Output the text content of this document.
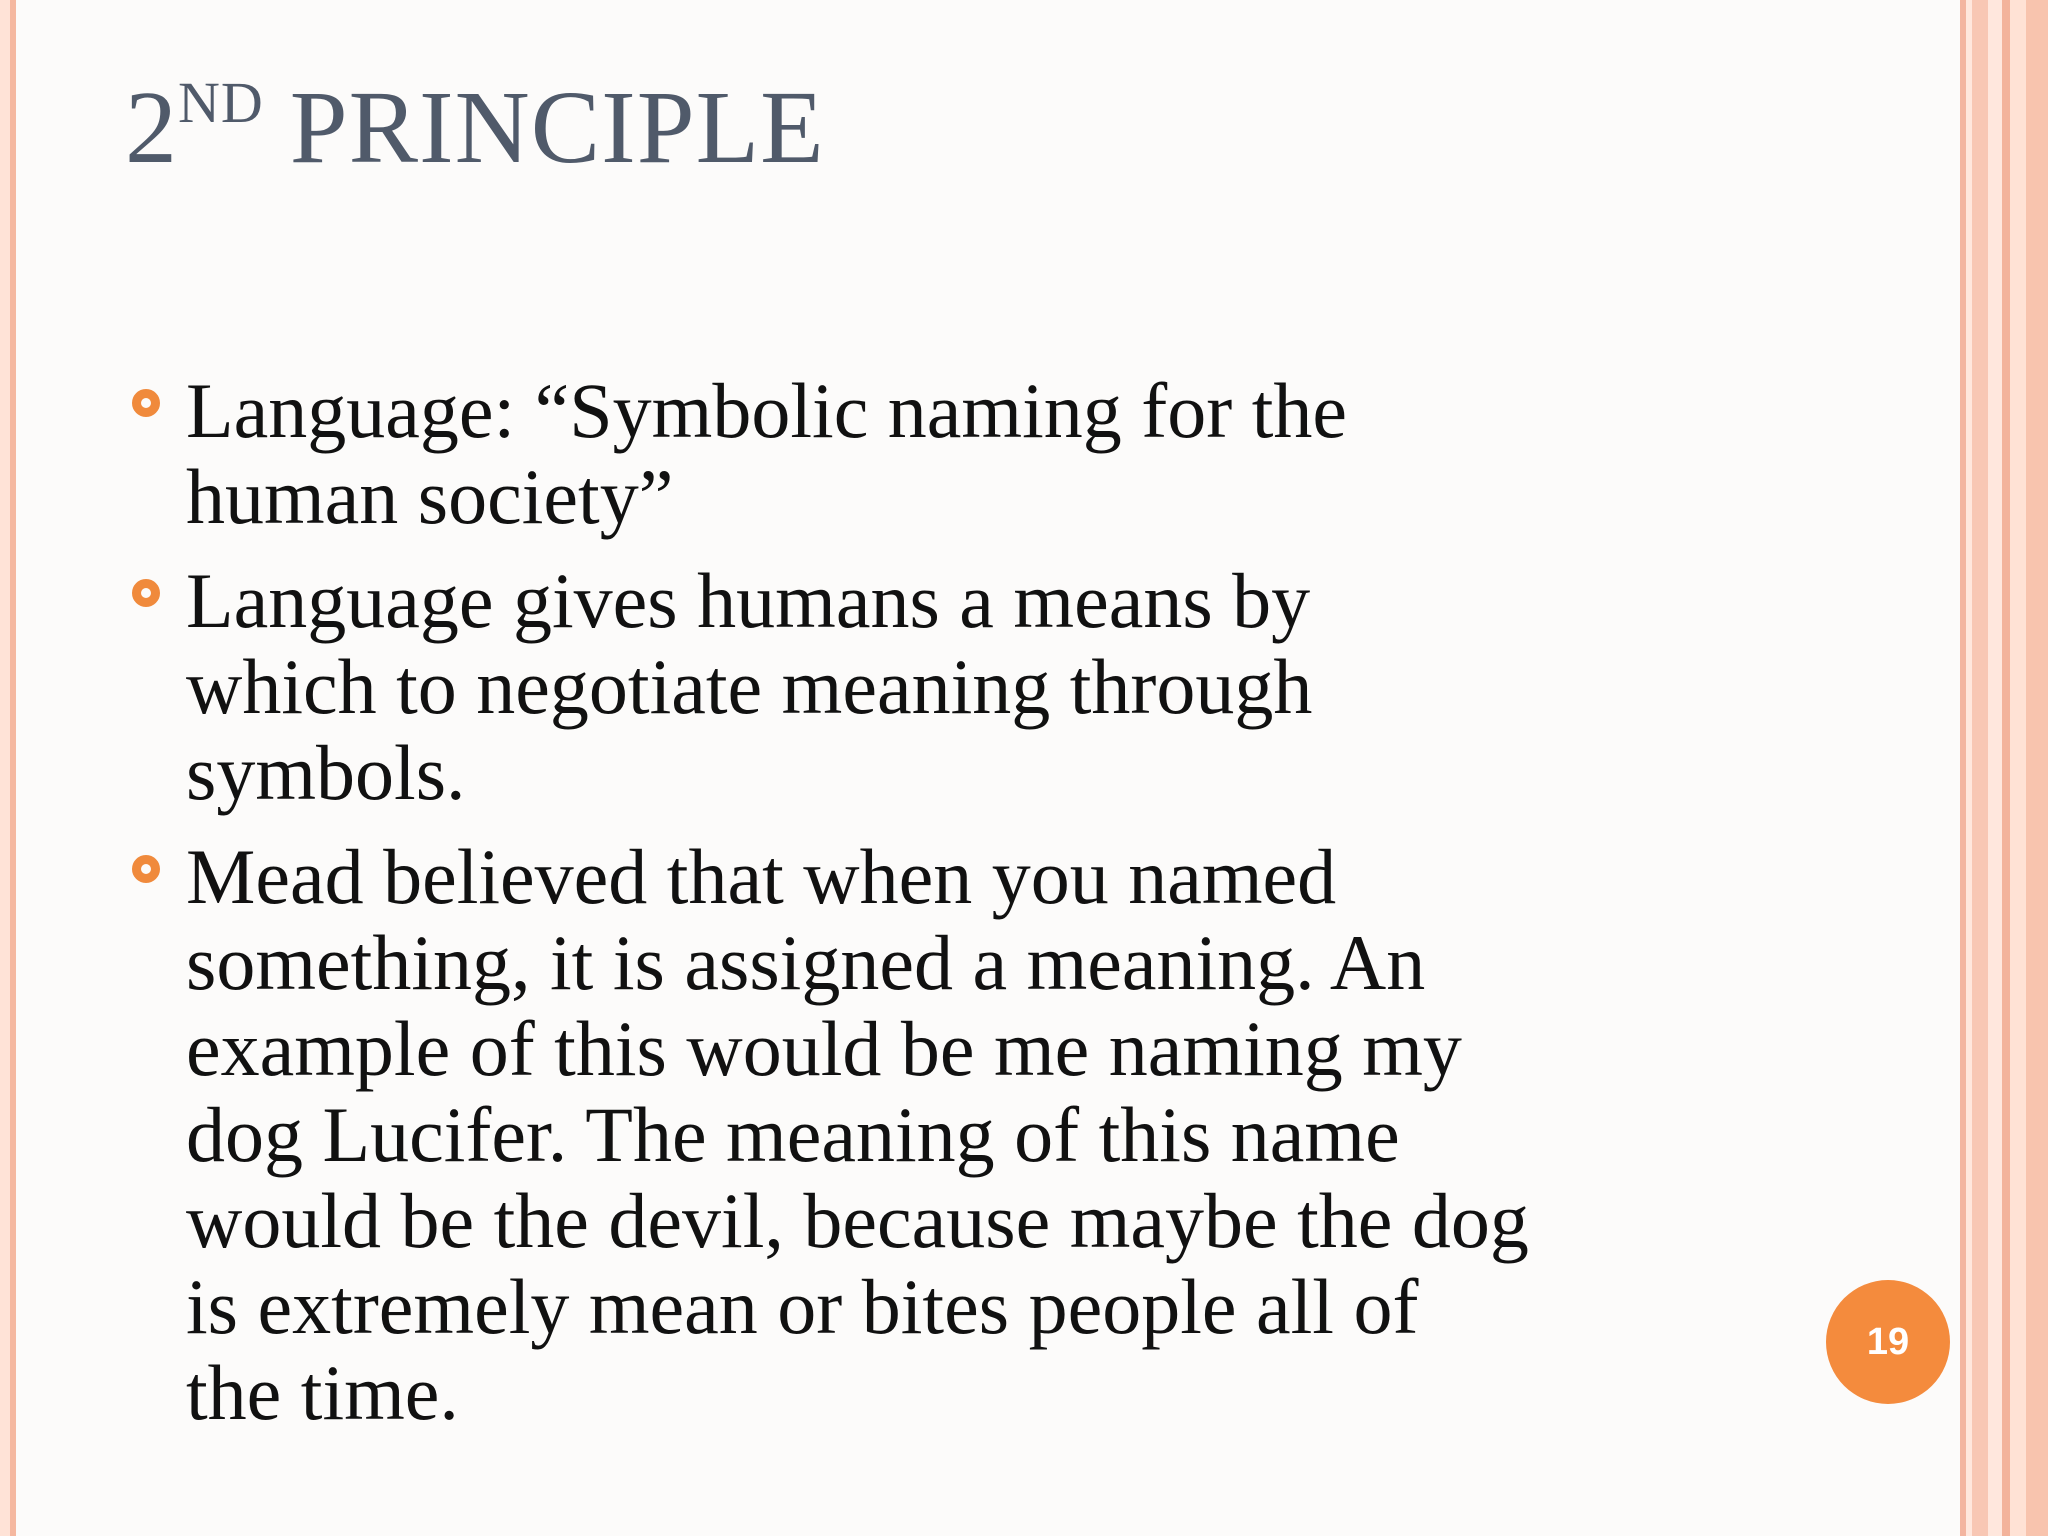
2ND PRINCIPLE
Language: “Symbolic naming for the
human society”
Language gives humans a means by
which to negotiate meaning through
symbols.
Mead believed that when you named
something, it is assigned a meaning. An
example of this would be me naming my
dog Lucifer. The meaning of this name
would be the devil, because maybe the dog
is extremely mean or bites people all of
the time.
19
